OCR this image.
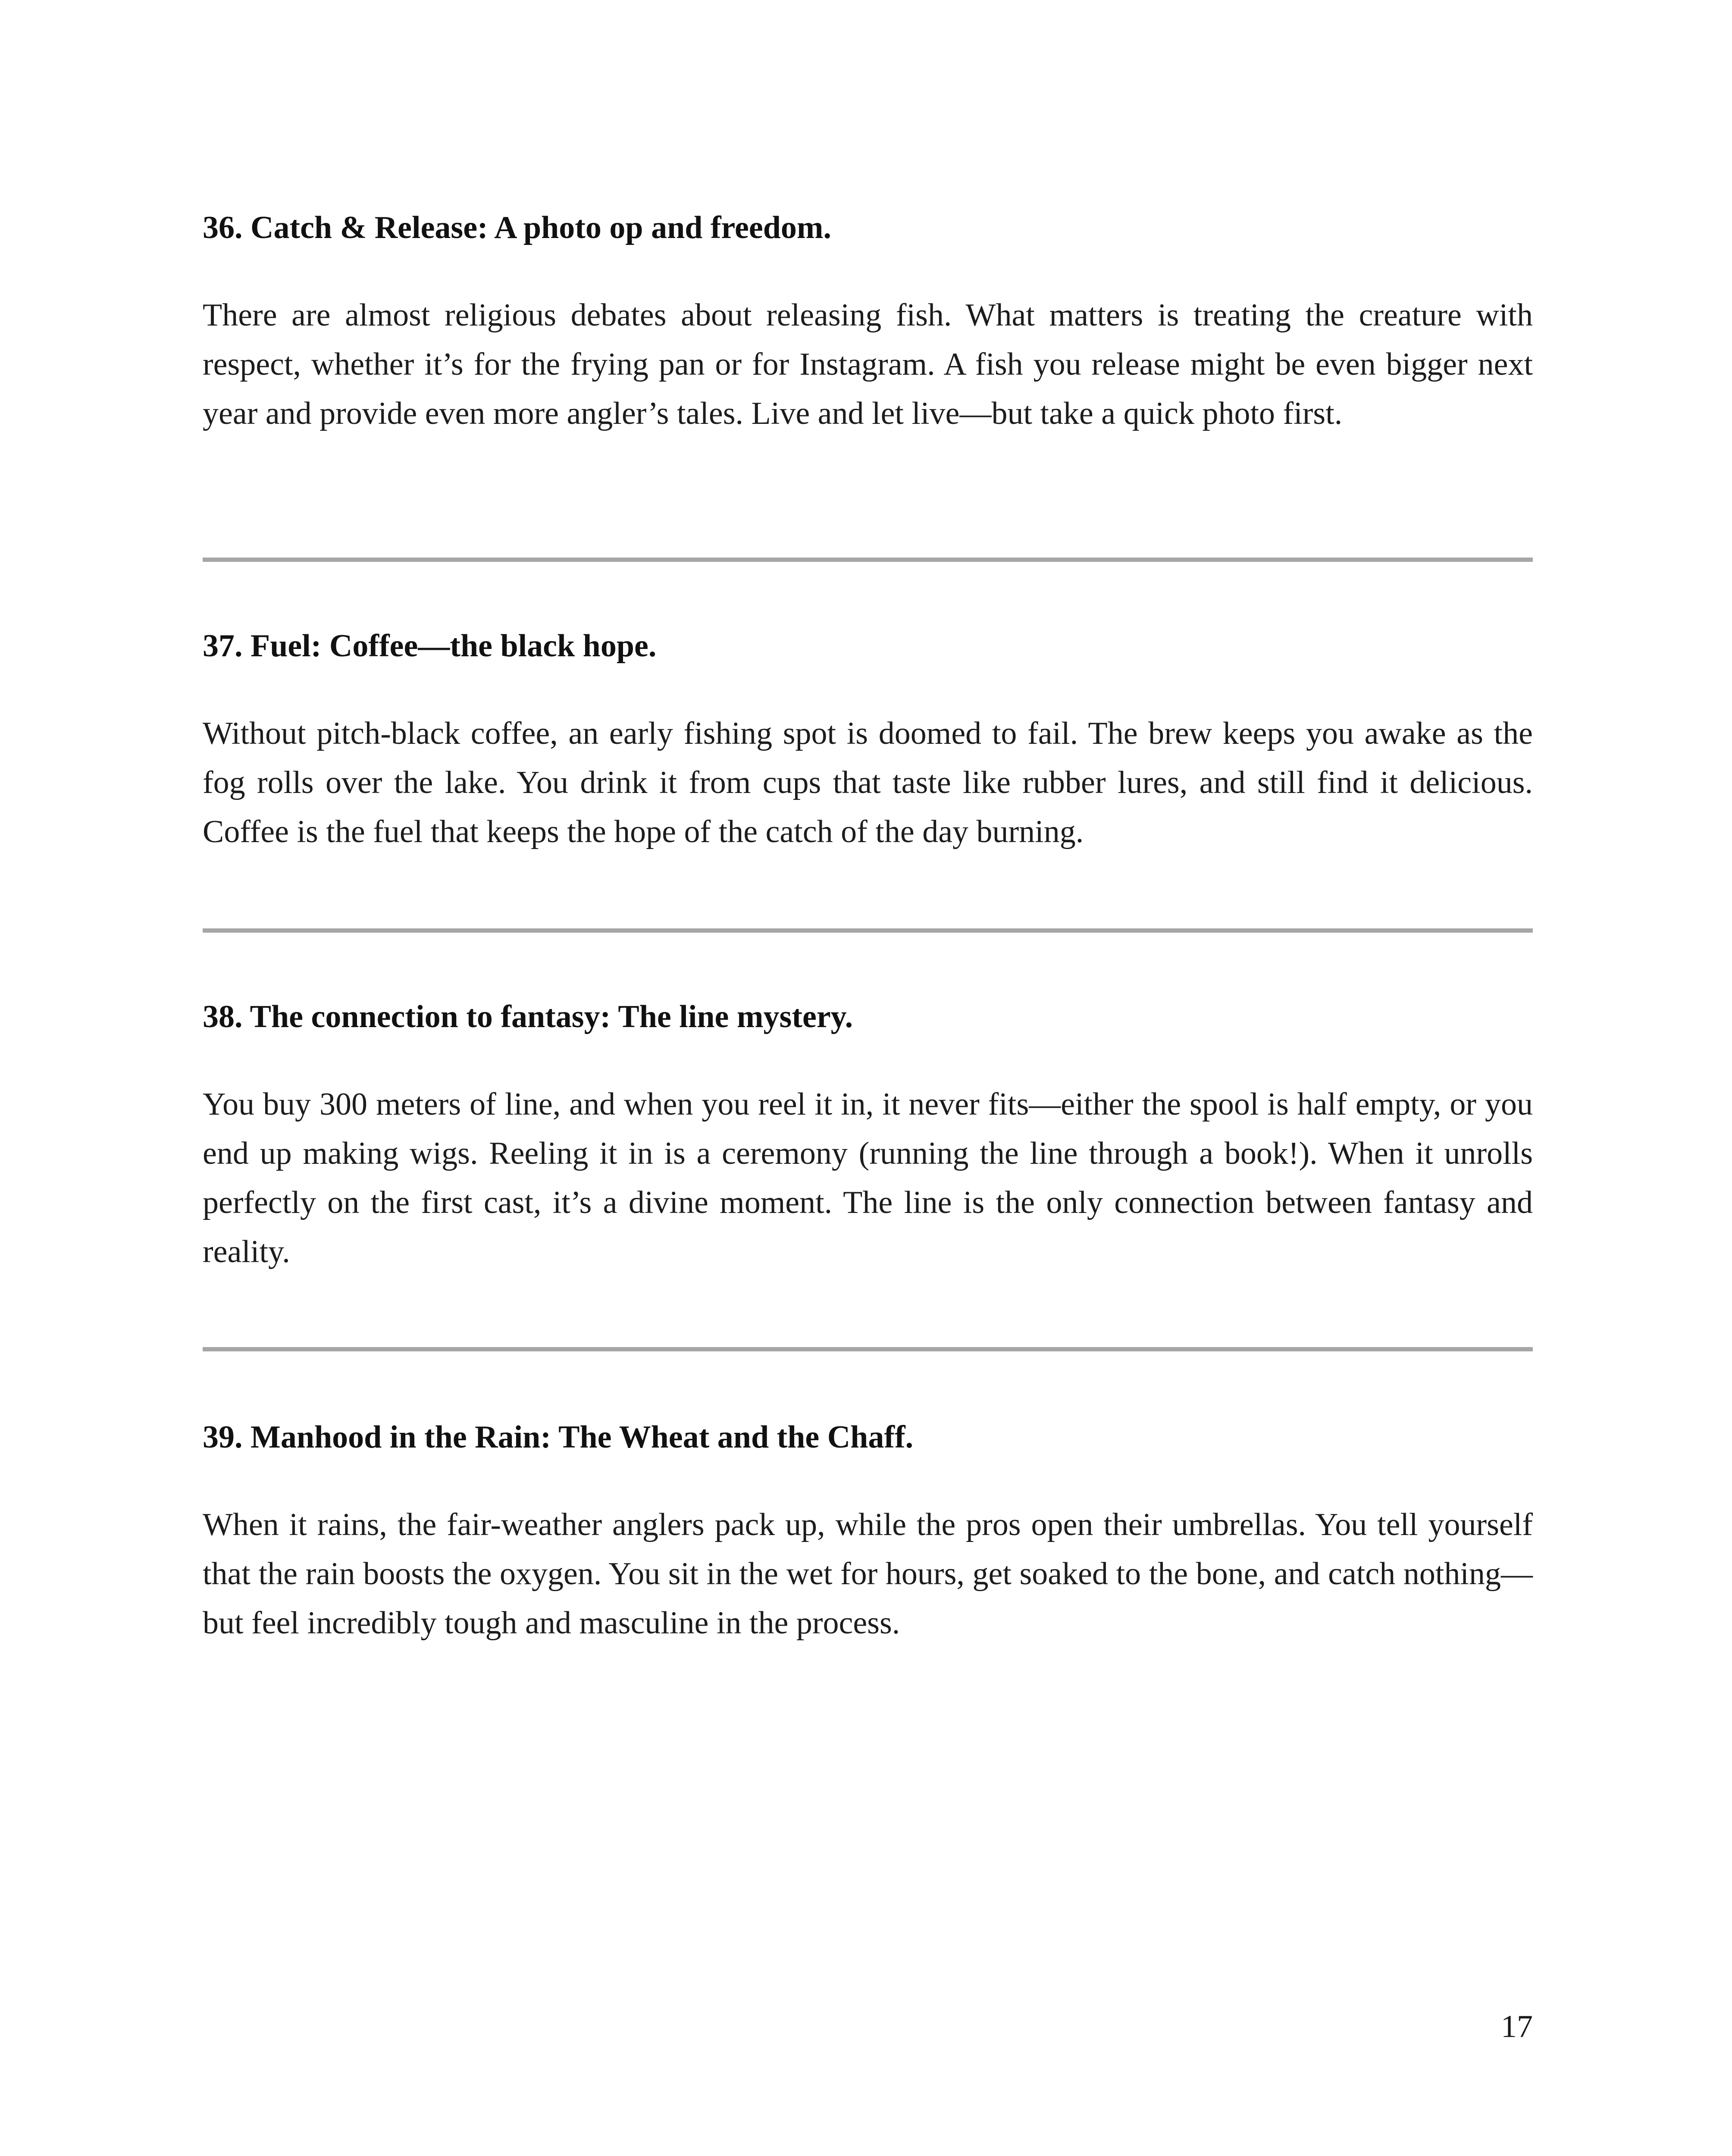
36. Catch & Release: A photo op and freedom.

There are almost religious debates about releasing fish. What matters is treating the creature with respect, whether it’s for the frying pan or for Instagram. A fish you release might be even bigger next year and provide even more angler’s tales. Live and let live—but take a quick photo first.

37. Fuel: Coffee—the black hope.

Without pitch-black coffee, an early fishing spot is doomed to fail. The brew keeps you awake as the fog rolls over the lake. You drink it from cups that taste like rubber lures, and still find it delicious. Coffee is the fuel that keeps the hope of the catch of the day burning.

38. The connection to fantasy: The line mystery.

You buy 300 meters of line, and when you reel it in, it never fits—either the spool is half empty, or you end up making wigs. Reeling it in is a ceremony (running the line through a book!). When it unrolls perfectly on the first cast, it’s a divine moment. The line is the only connection between fantasy and reality.

39. Manhood in the Rain: The Wheat and the Chaff.

When it rains, the fair-weather anglers pack up, while the pros open their umbrellas. You tell yourself that the rain boosts the oxygen. You sit in the wet for hours, get soaked to the bone, and catch nothing—but feel incredibly tough and masculine in the process.

17
